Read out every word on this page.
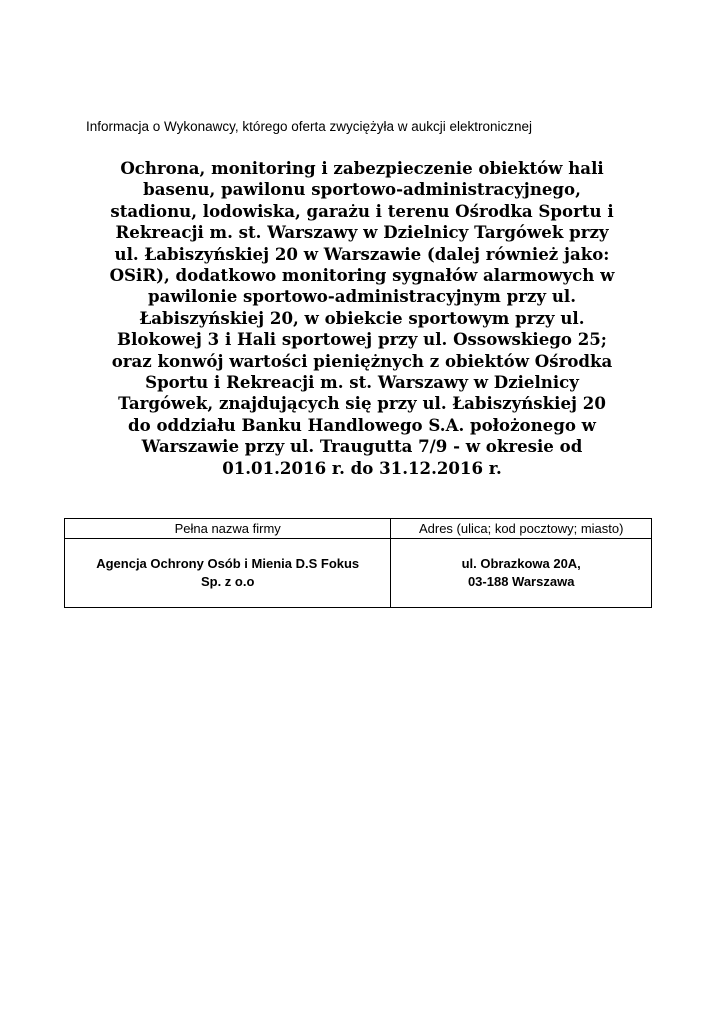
Informacja o Wykonawcy, którego oferta zwyciężyła w aukcji elektronicznej
Ochrona, monitoring i zabezpieczenie obiektów hali
basenu, pawilonu sportowo-administracyjnego,
stadionu, lodowiska, garażu i terenu Ośrodka Sportu i
Rekreacji m. st. Warszawy w Dzielnicy Targówek przy
ul. Łabiszyńskiej 20 w Warszawie (dalej również jako:
OSiR), dodatkowo monitoring sygnałów alarmowych w
pawilonie sportowo-administracyjnym przy ul.
Łabiszyńskiej 20, w obiekcie sportowym przy ul.
Blokowej 3 i Hali sportowej przy ul. Ossowskiego 25;
oraz konwój wartości pieniężnych z obiektów Ośrodka
Sportu i Rekreacji m. st. Warszawy w Dzielnicy
Targówek, znajdujących się przy ul. Łabiszyńskiej 20
do oddziału Banku Handlowego S.A. położonego w
Warszawie przy ul. Traugutta 7/9 - w okresie od
01.01.2016 r. do 31.12.2016 r.
Pełna nazwa firmy	Adres (ulica; kod pocztowy; miasto)

Agencja Ochrony Osób i Mienia D.S Fokus
Sp. z o.o	ul. Obrazkowa 20A,
03-188 Warszawa
